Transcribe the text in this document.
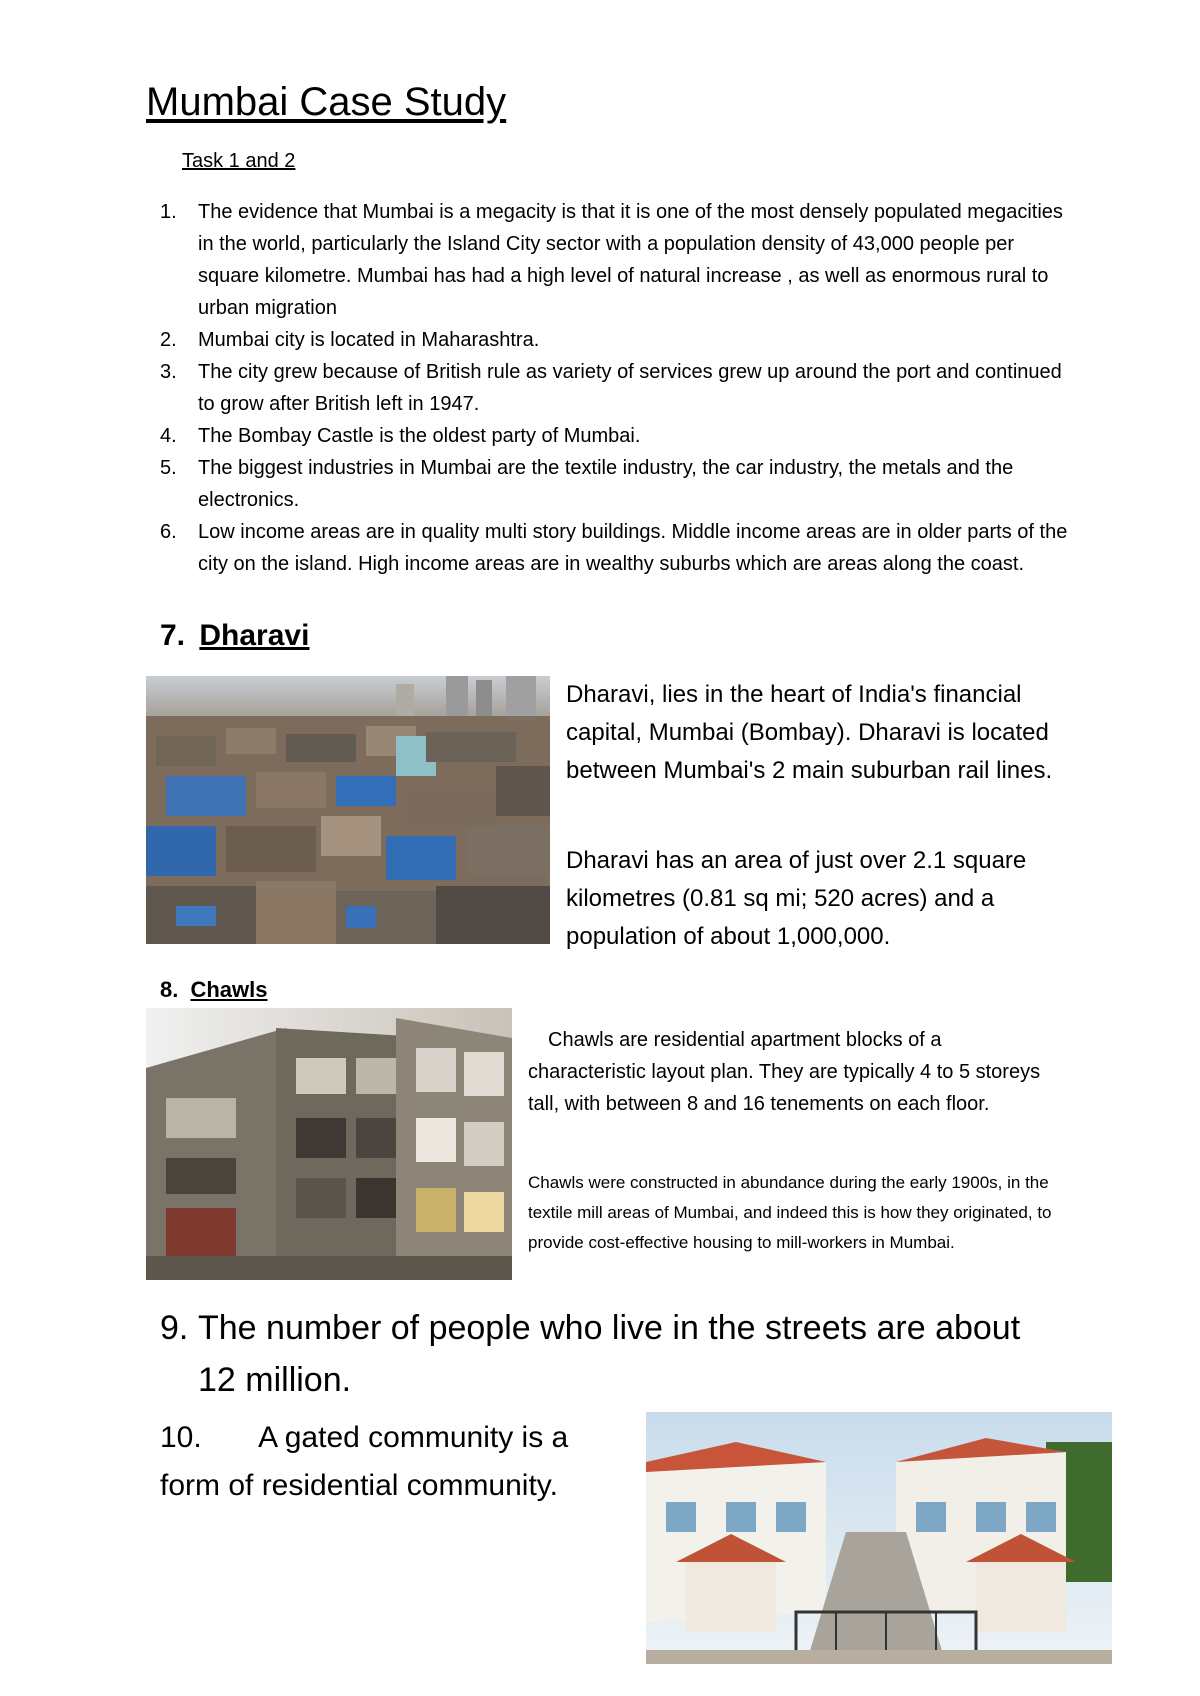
Mumbai Case Study
Task 1 and 2
1. The evidence that Mumbai is a megacity is that it is one of the most densely populated megacities in the world, particularly the Island City sector with a population density of 43,000 people per square kilometre. Mumbai has had a high level of natural increase , as well as enormous rural to urban migration
2. Mumbai city is located in Maharashtra.
3. The city grew because of British rule as variety of services grew up around the port and continued to grow after British left in 1947.
4. The Bombay Castle is the oldest party of Mumbai.
5. The biggest industries in Mumbai are the textile industry, the car industry, the metals and the electronics.
6. Low income areas are in quality multi story buildings. Middle income areas are in older parts of the city on the island. High income areas are in wealthy suburbs which are areas along the coast.
7. Dharavi

Dharavi, lies in the heart of India's financial capital, Mumbai (Bombay). Dharavi is located between Mumbai's 2 main suburban rail lines.

Dharavi has an area of just over 2.1 square kilometres (0.81 sq mi; 520 acres) and a population of about 1,000,000.

8. Chawls

Chawls are residential apartment blocks of a characteristic layout plan. They are typically 4 to 5 storeys tall, with between 8 and 16 tenements on each floor.

Chawls were constructed in abundance during the early 1900s, in the textile mill areas of Mumbai, and indeed this is how they originated, to provide cost-effective housing to mill-workers in Mumbai.

9. The number of people who live in the streets are about 12 million.
10. A gated community is a form of residential community.
